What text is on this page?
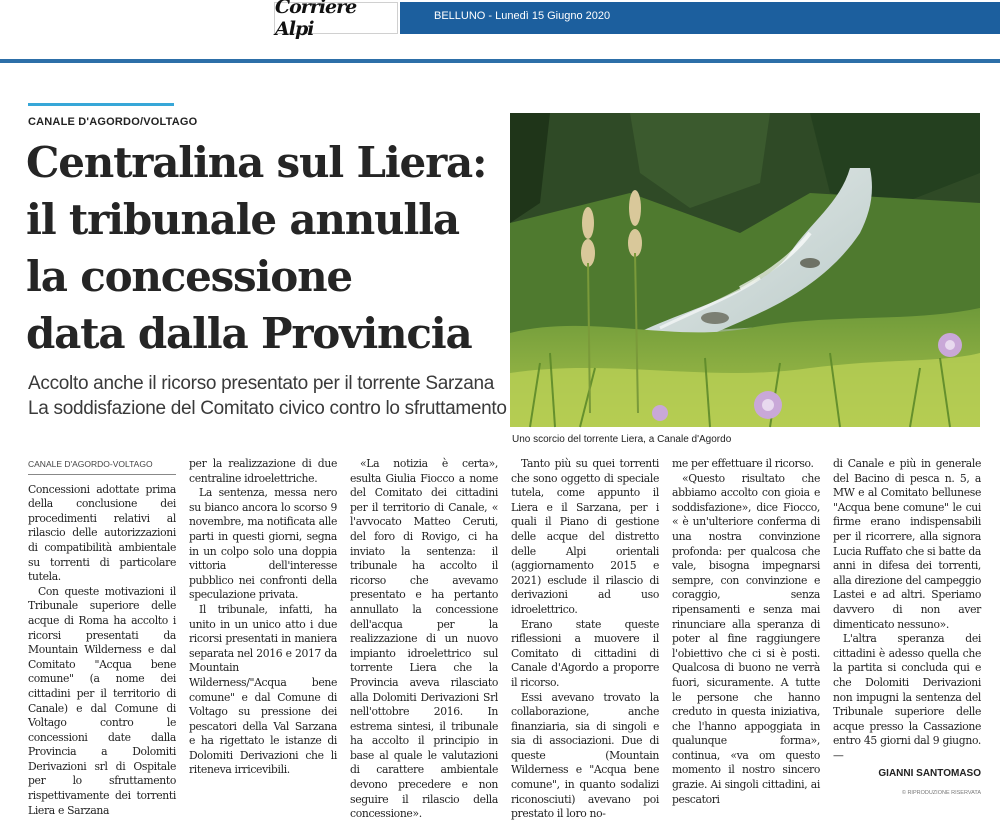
Corriere Alpi
BELLUNO - Lunedì 15 Giugno 2020
CANALE D'AGORDO/VOLTAGO
Centralina sul Liera:
il tribunale annulla
la concessione
data dalla Provincia
Accolto anche il ricorso presentato per il torrente Sarzana
La soddisfazione del Comitato civico contro lo sfruttamento
Uno scorcio del torrente Liera, a Canale d'Agordo
CANALE D'AGORDO-VOLTAGO

Concessioni adottate prima della conclusione dei procedimenti relativi al rilascio delle autorizzazioni di compatibilità ambientale su torrenti di particolare tutela.

Con queste motivazioni il Tribunale superiore delle acque di Roma ha accolto i ricorsi presentati da Mountain Wilderness e dal Comitato "Acqua bene comune" (a nome dei cittadini per il territorio di Canale) e dal Comune di Voltago contro le concessioni date dalla Provincia a Dolomiti Derivazioni srl di Ospitale per lo sfruttamento rispettivamente dei torrenti Liera e Sarzana

per la realizzazione di due centraline idroelettriche.

La sentenza, messa nero su bianco ancora lo scorso 9 novembre, ma notificata alle parti in questi giorni, segna in un colpo solo una doppia vittoria dell'interesse pubblico nei confronti della speculazione privata.

Il tribunale, infatti, ha unito in un unico atto i due ricorsi presentati in maniera separata nel 2016 e 2017 da Mountain Wilderness/"Acqua bene comune" e dal Comune di Voltago su pressione dei pescatori della Val Sarzana e ha rigettato le istanze di Dolomiti Derivazioni che li riteneva irricevibili.

«La notizia è certa», esulta Giulia Fiocco a nome del Comitato dei cittadini per il territorio di Canale, « l'avvocato Matteo Ceruti, del foro di Rovigo, ci ha inviato la sentenza: il tribunale ha accolto il ricorso che avevamo presentato e ha pertanto annullato la concessione dell'acqua per la realizzazione di un nuovo impianto idroelettrico sul torrente Liera che la Provincia aveva rilasciato alla Dolomiti Derivazioni Srl nell'ottobre 2016. In estrema sintesi, il tribunale ha accolto il principio in base al quale le valutazioni di carattere ambientale devono precedere e non seguire il rilascio della concessione».

Tanto più su quei torrenti che sono oggetto di speciale tutela, come appunto il Liera e il Sarzana, per i quali il Piano di gestione delle acque del distretto delle Alpi orientali (aggiornamento 2015 e 2021) esclude il rilascio di derivazioni ad uso idroelettrico.

Erano state queste riflessioni a muovere il Comitato di cittadini di Canale d'Agordo a proporre il ricorso.

Essi avevano trovato la collaborazione, anche finanziaria, sia di singoli e sia di associazioni. Due di queste (Mountain Wilderness e "Acqua bene comune", in quanto sodalizi riconosciuti) avevano poi prestato il loro no-

me per effettuare il ricorso.

«Questo risultato che abbiamo accolto con gioia e soddisfazione», dice Fiocco, « è un'ulteriore conferma di una nostra convinzione profonda: per qualcosa che vale, bisogna impegnarsi sempre, con convinzione e coraggio, senza ripensamenti e senza mai rinunciare alla speranza di poter al fine raggiungere l'obiettivo che ci si è posti. Qualcosa di buono ne verrà fuori, sicuramente. A tutte le persone che hanno creduto in questa iniziativa, che l'hanno appoggiata in qualunque forma», continua, «va om questo momento il nostro sincero grazie. Ai singoli cittadini, ai pescatori

di Canale e più in generale del Bacino di pesca n. 5, a MW e al Comitato bellunese "Acqua bene comune" le cui firme erano indispensabili per il ricorrere, alla signora Lucia Ruffato che si batte da anni in difesa dei torrenti, alla direzione del campeggio Lastei e ad altri. Speriamo davvero di non aver dimenticato nessuno».

L'altra speranza dei cittadini è adesso quella che la partita si concluda qui e che Dolomiti Derivazioni non impugni la sentenza del Tribunale superiore delle acque presso la Cassazione entro 45 giorni dal 9 giugno. —

GIANNI SANTOMASO
© RIPRODUZIONE RISERVATA
